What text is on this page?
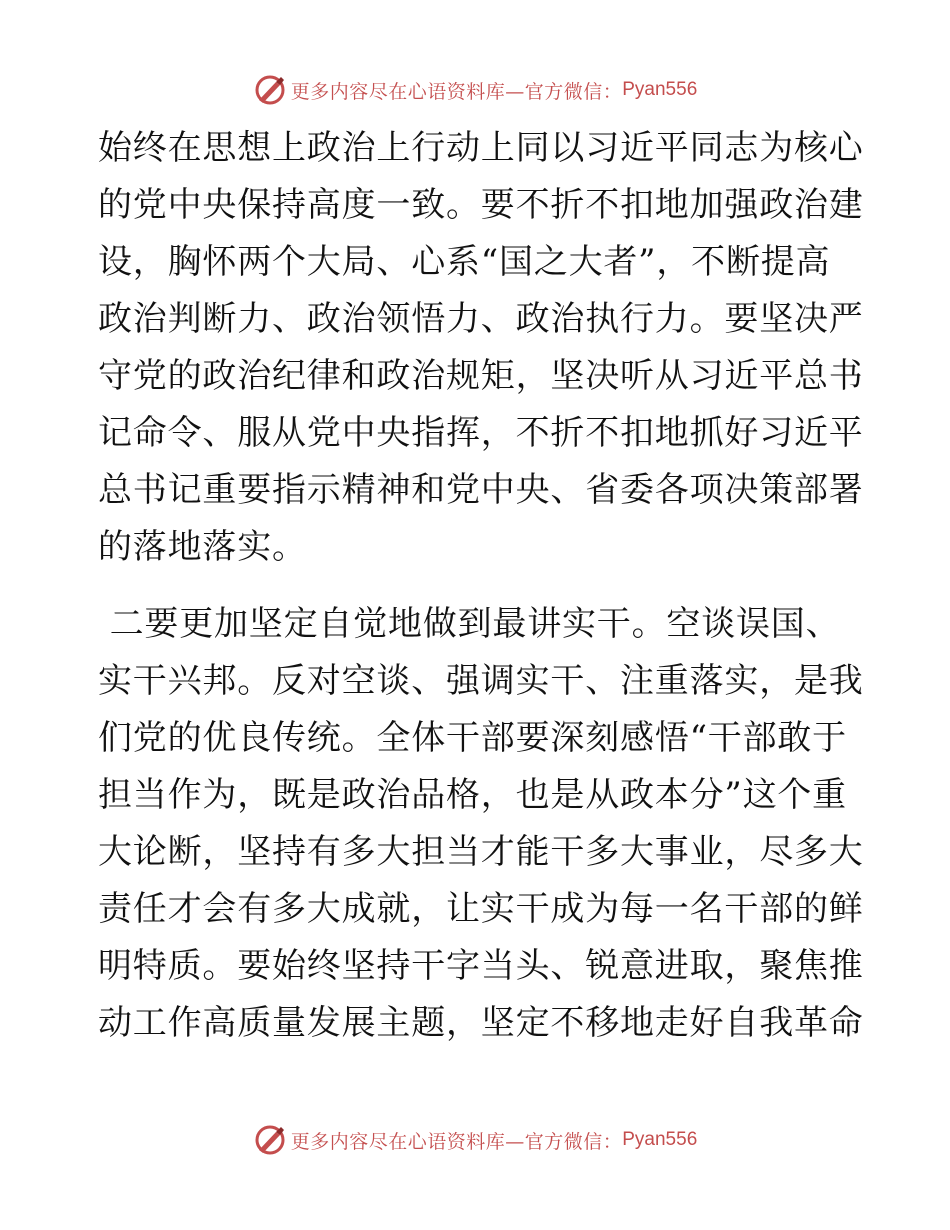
更多内容尽在心语资料库—官方微信： Pyan556
始终在思想上政治上行动上同以习近平同志为核心
的党中央保持高度一致。要不折不扣地加强政治建
设，胸怀两个大局、心系“国之大者”，不断提高
政治判断力、政治领悟力、政治执行力。要坚决严
守党的政治纪律和政治规矩，坚决听从习近平总书
记命令、服从党中央指挥，不折不扣地抓好习近平
总书记重要指示精神和党中央、省委各项决策部署
的落地落实。
二要更加坚定自觉地做到最讲实干。空谈误国、
实干兴邦。反对空谈、强调实干、注重落实，是我
们党的优良传统。全体干部要深刻感悟“干部敢于
担当作为，既是政治品格，也是从政本分”这个重
大论断，坚持有多大担当才能干多大事业，尽多大
责任才会有多大成就，让实干成为每一名干部的鲜
明特质。要始终坚持干字当头、锐意进取，聚焦推
动工作高质量发展主题，坚定不移地走好自我革命
更多内容尽在心语资料库—官方微信： Pyan556
